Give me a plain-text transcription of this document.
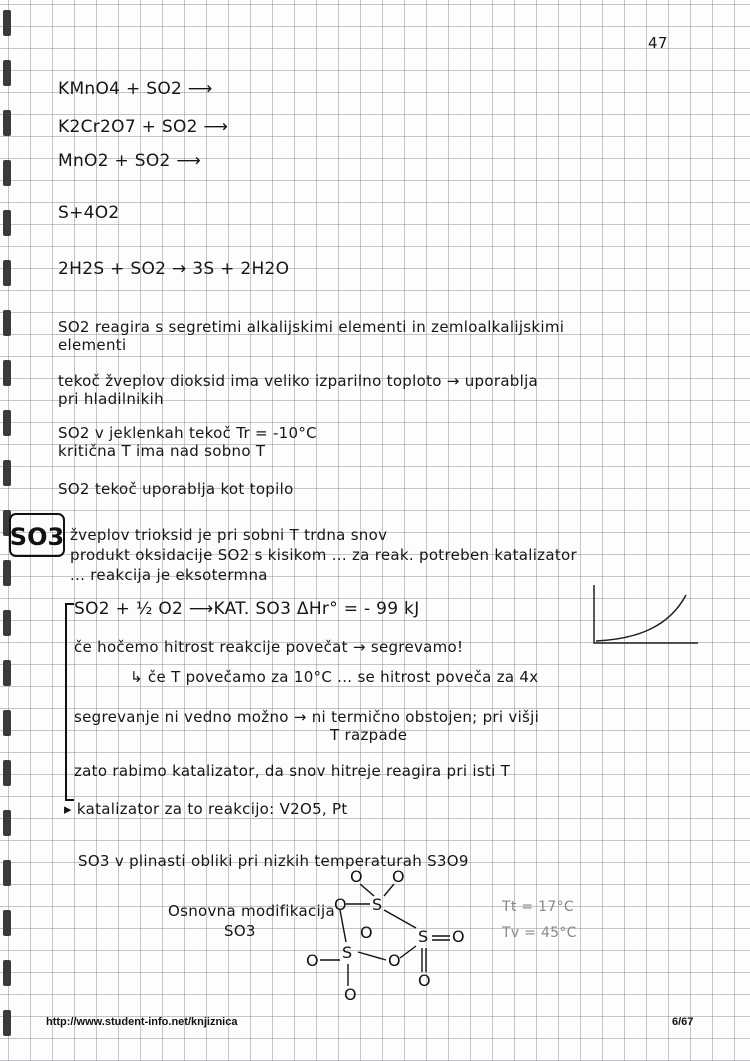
47
KMnO4 + SO2 ⟶
K2Cr2O7 + SO2 ⟶
MnO2 + SO2 ⟶
S+4O2
2H2S + SO2 → 3S + 2H2O
SO2 reagira s segretimi alkalijskimi elementi in zemloalkalijskimi
elementi
tekoč žveplov dioksid ima veliko izparilno toploto → uporablja
pri hladilnikih
SO2 v jeklenkah tekoč Tr = -10°C
kritična T ima nad sobno T
SO2 tekoč uporablja kot topilo
SO3 žveplov trioksid je pri sobni T trdna snov
produkt oksidacije SO2 s kisikom ... za reak. potreben katalizator
... reakcija je eksotermna
SO2 + ½ O2 ⟶KAT. SO3 ΔHr° = - 99 kJ
če hočemo hitrost reakcije povečat → segrevamo!
↳ če T povečamo za 10°C ... se hitrost poveča za 4x
segrevanje ni vedno možno → ni termično obstojen; pri višji
T razpade
zato rabimo katalizator, da snov hitreje reagira pri isti T
▸ katalizator za to reakcijo: V2O5, Pt
SO3 v plinasti obliki pri nizkih temperaturah S3O9
Osnovna modifikacija
SO3
O
S
O
O
S O
O
S
O
O
O
O
Tt = 17°C
Tv = 45°C
http://www.student-info.net/knjiznica	6/67
